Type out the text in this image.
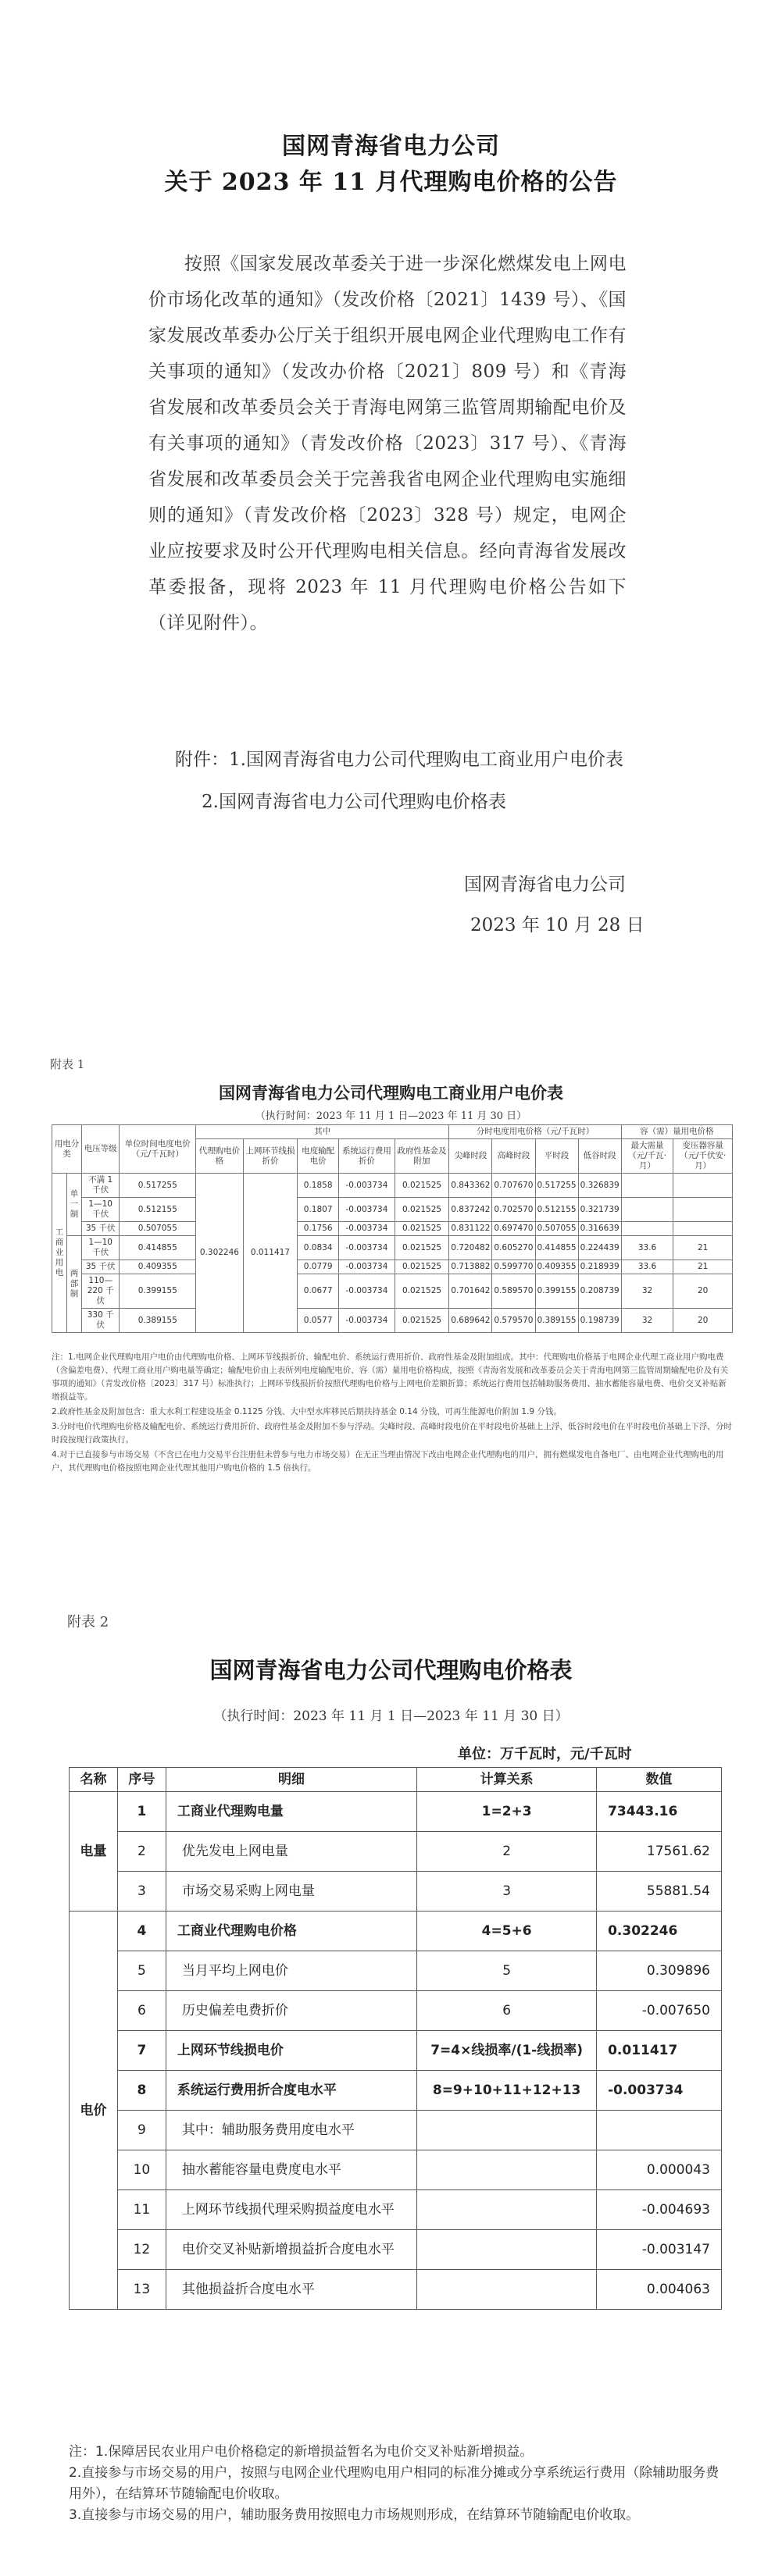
国网青海省电力公司
关于 2023 年 11 月代理购电价格的公告
按照《国家发展改革委关于进一步深化燃煤发电上网电价市场化改革的通知》（发改价格〔2021〕1439 号）、《国家发展改革委办公厅关于组织开展电网企业代理购电工作有关事项的通知》（发改办价格〔2021〕809 号）和《青海省发展和改革委员会关于青海电网第三监管周期输配电价及有关事项的通知》（青发改价格〔2023〕317 号）、《青海省发展和改革委员会关于完善我省电网企业代理购电实施细则的通知》（青发改价格〔2023〕328 号）规定，电网企业应按要求及时公开代理购电相关信息。经向青海省发展改革委报备，现将 2023 年 11 月代理购电价格公告如下（详见附件）。
附件：1.国网青海省电力公司代理购电工商业用户电价表
2.国网青海省电力公司代理购电价格表
国网青海省电力公司
2023 年 10 月 28 日
附表 1
国网青海省电力公司代理购电工商业用户电价表
（执行时间：2023 年 11 月 1 日—2023 年 11 月 30 日）
用电分类		电压等级	单位时间电度电价（元/千瓦时）	其中					分时电度用电价格（元/千瓦时）				容（需）量用电价格	
				代理购电价格	上网环节线损折价	电度输配电价	系统运行费用折价	政府性基金及附加	尖峰时段	高峰时段	平时段	低谷时段	最大需量（元/千瓦·月）	变压器容量（元/千伏安·月）
工商业用电	单一制	不满 1 千伏	0.517255	0.302246	0.011417	0.1858	-0.003734	0.021525	0.843362	0.707670	0.517255	0.326839		
		1—10 千伏	0.512155			0.1807	-0.003734	0.021525	0.837242	0.702570	0.512155	0.321739		
		35 千伏	0.507055			0.1756	-0.003734	0.021525	0.831122	0.697470	0.507055	0.316639		
	两部制	1—10 千伏	0.414855			0.0834	-0.003734	0.021525	0.720482	0.605270	0.414855	0.224439	33.6	21
		35 千伏	0.409355			0.0779	-0.003734	0.021525	0.713882	0.599770	0.409355	0.218939	33.6	21
		110—220 千伏	0.399155			0.0677	-0.003734	0.021525	0.701642	0.589570	0.399155	0.208739	32	20
		330 千伏	0.389155			0.0577	-0.003734	0.021525	0.689642	0.579570	0.389155	0.198739	32	20

注：1.电网企业代理购电用户电价由代理购电价格、上网环节线损折价、输配电价、系统运行费用折价、政府性基金及附加组成。其中：代理购电价格基于电网企业代理工商业用户购电费（含偏差电费）、代理工商业用户购电量等确定；输配电价由上表所列电度输配电价、容（需）量用电价格构成，按照《青海省发展和改革委员会关于青海电网第三监管周期输配电价及有关事项的通知》（青发改价格〔2023〕317 号）标准执行；上网环节线损折价按照代理购电价格与上网电价差额折算；系统运行费用包括辅助服务费用、抽水蓄能容量电费、电价交叉补贴新增损益等。

2.政府性基金及附加包含：重大水利工程建设基金 0.1125 分钱、大中型水库移民后期扶持基金 0.14 分钱、可再生能源电价附加 1.9 分钱。

3.分时电价代理购电价格及输配电价、系统运行费用折价、政府性基金及附加不参与浮动。尖峰时段、高峰时段电价在平时段电价基础上上浮，低谷时段电价在平时段电价基础上下浮，分时时段按现行政策执行。

4.对于已直接参与市场交易（不含已在电力交易平台注册但未曾参与电力市场交易）在无正当理由情况下改由电网企业代理购电的用户，拥有燃煤发电自备电厂、由电网企业代理购电的用户，其代理购电价格按照电网企业代理其他用户购电价格的 1.5 倍执行。

附表 2
国网青海省电力公司代理购电价格表
（执行时间：2023 年 11 月 1 日—2023 年 11 月 30 日）
单位：万千瓦时，元/千瓦时
名称	序号	明细	计算关系	数值
电量	1	工商业代理购电量	1=2+3	73443.16
	2	优先发电上网电量	2	17561.62
	3	市场交易采购上网电量	3	55881.54
电价	4	工商业代理购电价格	4=5+6	0.302246
	5	当月平均上网电价	5	0.309896
	6	历史偏差电费折价	6	-0.007650
	7	上网环节线损电价	7=4×线损率/(1-线损率)	0.011417
	8	系统运行费用折合度电水平	8=9+10+11+12+13	-0.003734
	9	其中：辅助服务费用度电水平		
	10	抽水蓄能容量电费度电水平		0.000043
	11	上网环节线损代理采购损益度电水平		-0.004693
	12	电价交叉补贴新增损益折合度电水平		-0.003147
	13	其他损益折合度电水平		0.004063

注：1.保障居民农业用户电价格稳定的新增损益暂名为电价交叉补贴新增损益。

2.直接参与市场交易的用户，按照与电网企业代理购电用户相同的标准分摊或分享系统运行费用（除辅助服务费用外），在结算环节随输配电价收取。

3.直接参与市场交易的用户，辅助服务费用按照电力市场规则形成，在结算环节随输配电价收取。
